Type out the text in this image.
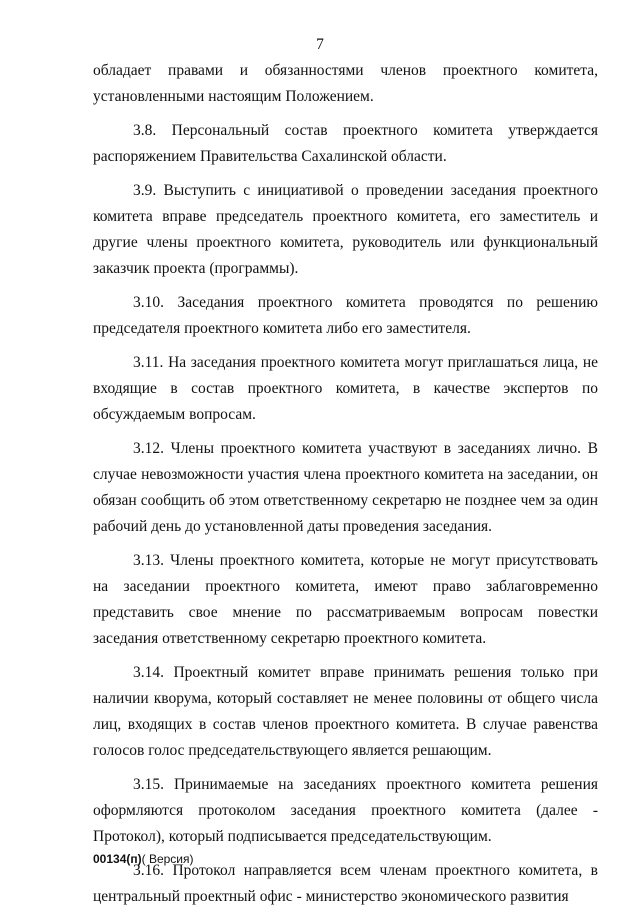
7

обладает правами и обязанностями членов проектного комитета, установленными настоящим Положением.

3.8. Персональный состав проектного комитета утверждается распоряжением Правительства Сахалинской области.

3.9. Выступить с инициативой о проведении заседания проектного комитета вправе председатель проектного комитета, его заместитель и другие члены проектного комитета, руководитель или функциональный заказчик проекта (программы).

3.10. Заседания проектного комитета проводятся по решению председателя проектного комитета либо его заместителя.

3.11. На заседания проектного комитета могут приглашаться лица, не входящие в состав проектного комитета, в качестве экспертов по обсуждаемым вопросам.

3.12. Члены проектного комитета участвуют в заседаниях лично. В случае невозможности участия члена проектного комитета на заседании, он обязан сообщить об этом ответственному секретарю не позднее чем за один рабочий день до установленной даты проведения заседания.

3.13. Члены проектного комитета, которые не могут присутствовать на заседании проектного комитета, имеют право заблаговременно представить свое мнение по рассматриваемым вопросам повестки заседания ответственному секретарю проектного комитета.

3.14. Проектный комитет вправе принимать решения только при наличии кворума, который составляет не менее половины от общего числа лиц, входящих в состав членов проектного комитета. В случае равенства голосов голос председательствующего является решающим.

3.15. Принимаемые на заседаниях проектного комитета решения оформляются протоколом заседания проектного комитета (далее - Протокол), который подписывается председательствующим.

3.16. Протокол направляется всем членам проектного комитета, в центральный проектный офис - министерство экономического развития

00134(п)( Версия)
